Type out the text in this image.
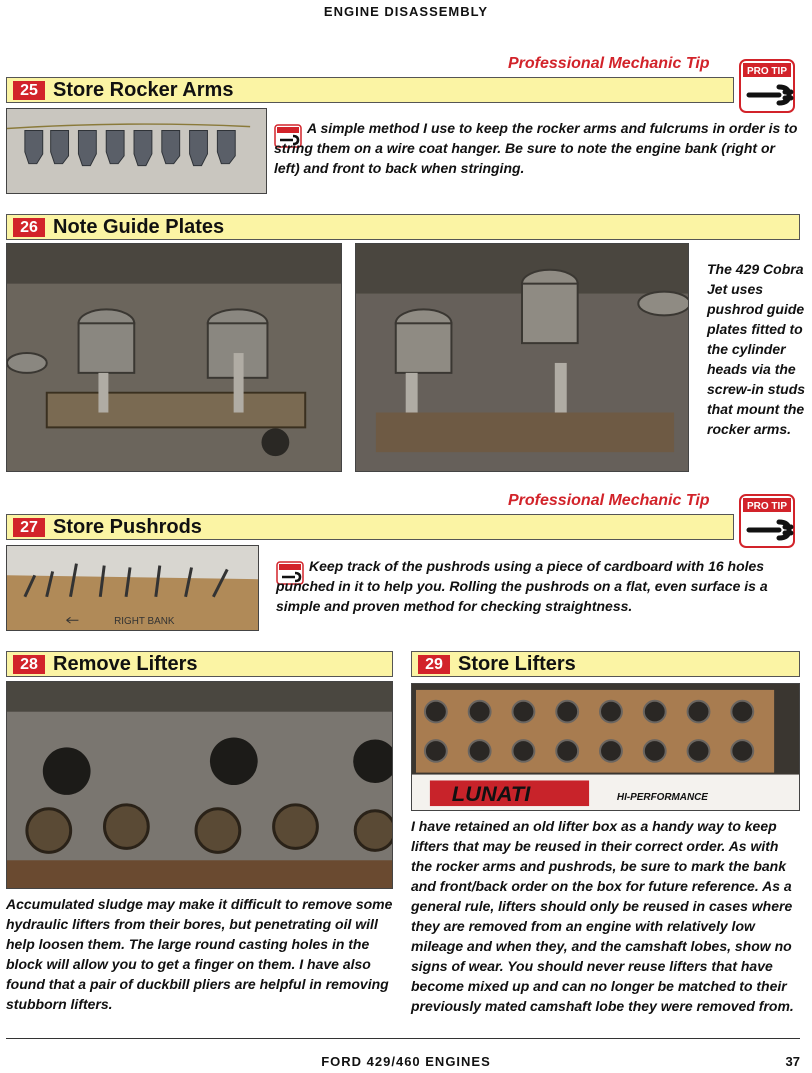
ENGINE DISASSEMBLY
Professional Mechanic Tip	PRO TIP
25 Store Rocker Arms
A simple method I use to keep the rocker arms and fulcrums in order is to string them on a wire coat hanger. Be sure to note the engine bank (right or left) and front to back when stringing.
26 Note Guide Plates
The 429 Cobra Jet uses pushrod guide plates fitted to the cylinder heads via the screw-in studs that mount the rocker arms.
Professional Mechanic Tip	PRO TIP
27 Store Pushrods
RIGHT BANK
Keep track of the pushrods using a piece of cardboard with 16 holes punched in it to help you. Rolling the pushrods on a flat, even surface is a simple and proven method for checking straightness.
28 Remove Lifters
Accumulated sludge may make it difficult to remove some hydraulic lifters from their bores, but penetrating oil will help loosen them. The large round casting holes in the block will allow you to get a finger on them. I have also found that a pair of duckbill pliers are helpful in removing stubborn lifters.
29 Store Lifters
LUNATI	HI-PERFORMANCE
I have retained an old lifter box as a handy way to keep lifters that may be reused in their correct order. As with the rocker arms and pushrods, be sure to mark the bank and front/back order on the box for future reference. As a general rule, lifters should only be reused in cases where they are removed from an engine with relatively low mileage and when they, and the camshaft lobes, show no signs of wear. You should never reuse lifters that have become mixed up and can no longer be matched to their previously mated camshaft lobe they were removed from.
FORD 429/460 ENGINES	37
